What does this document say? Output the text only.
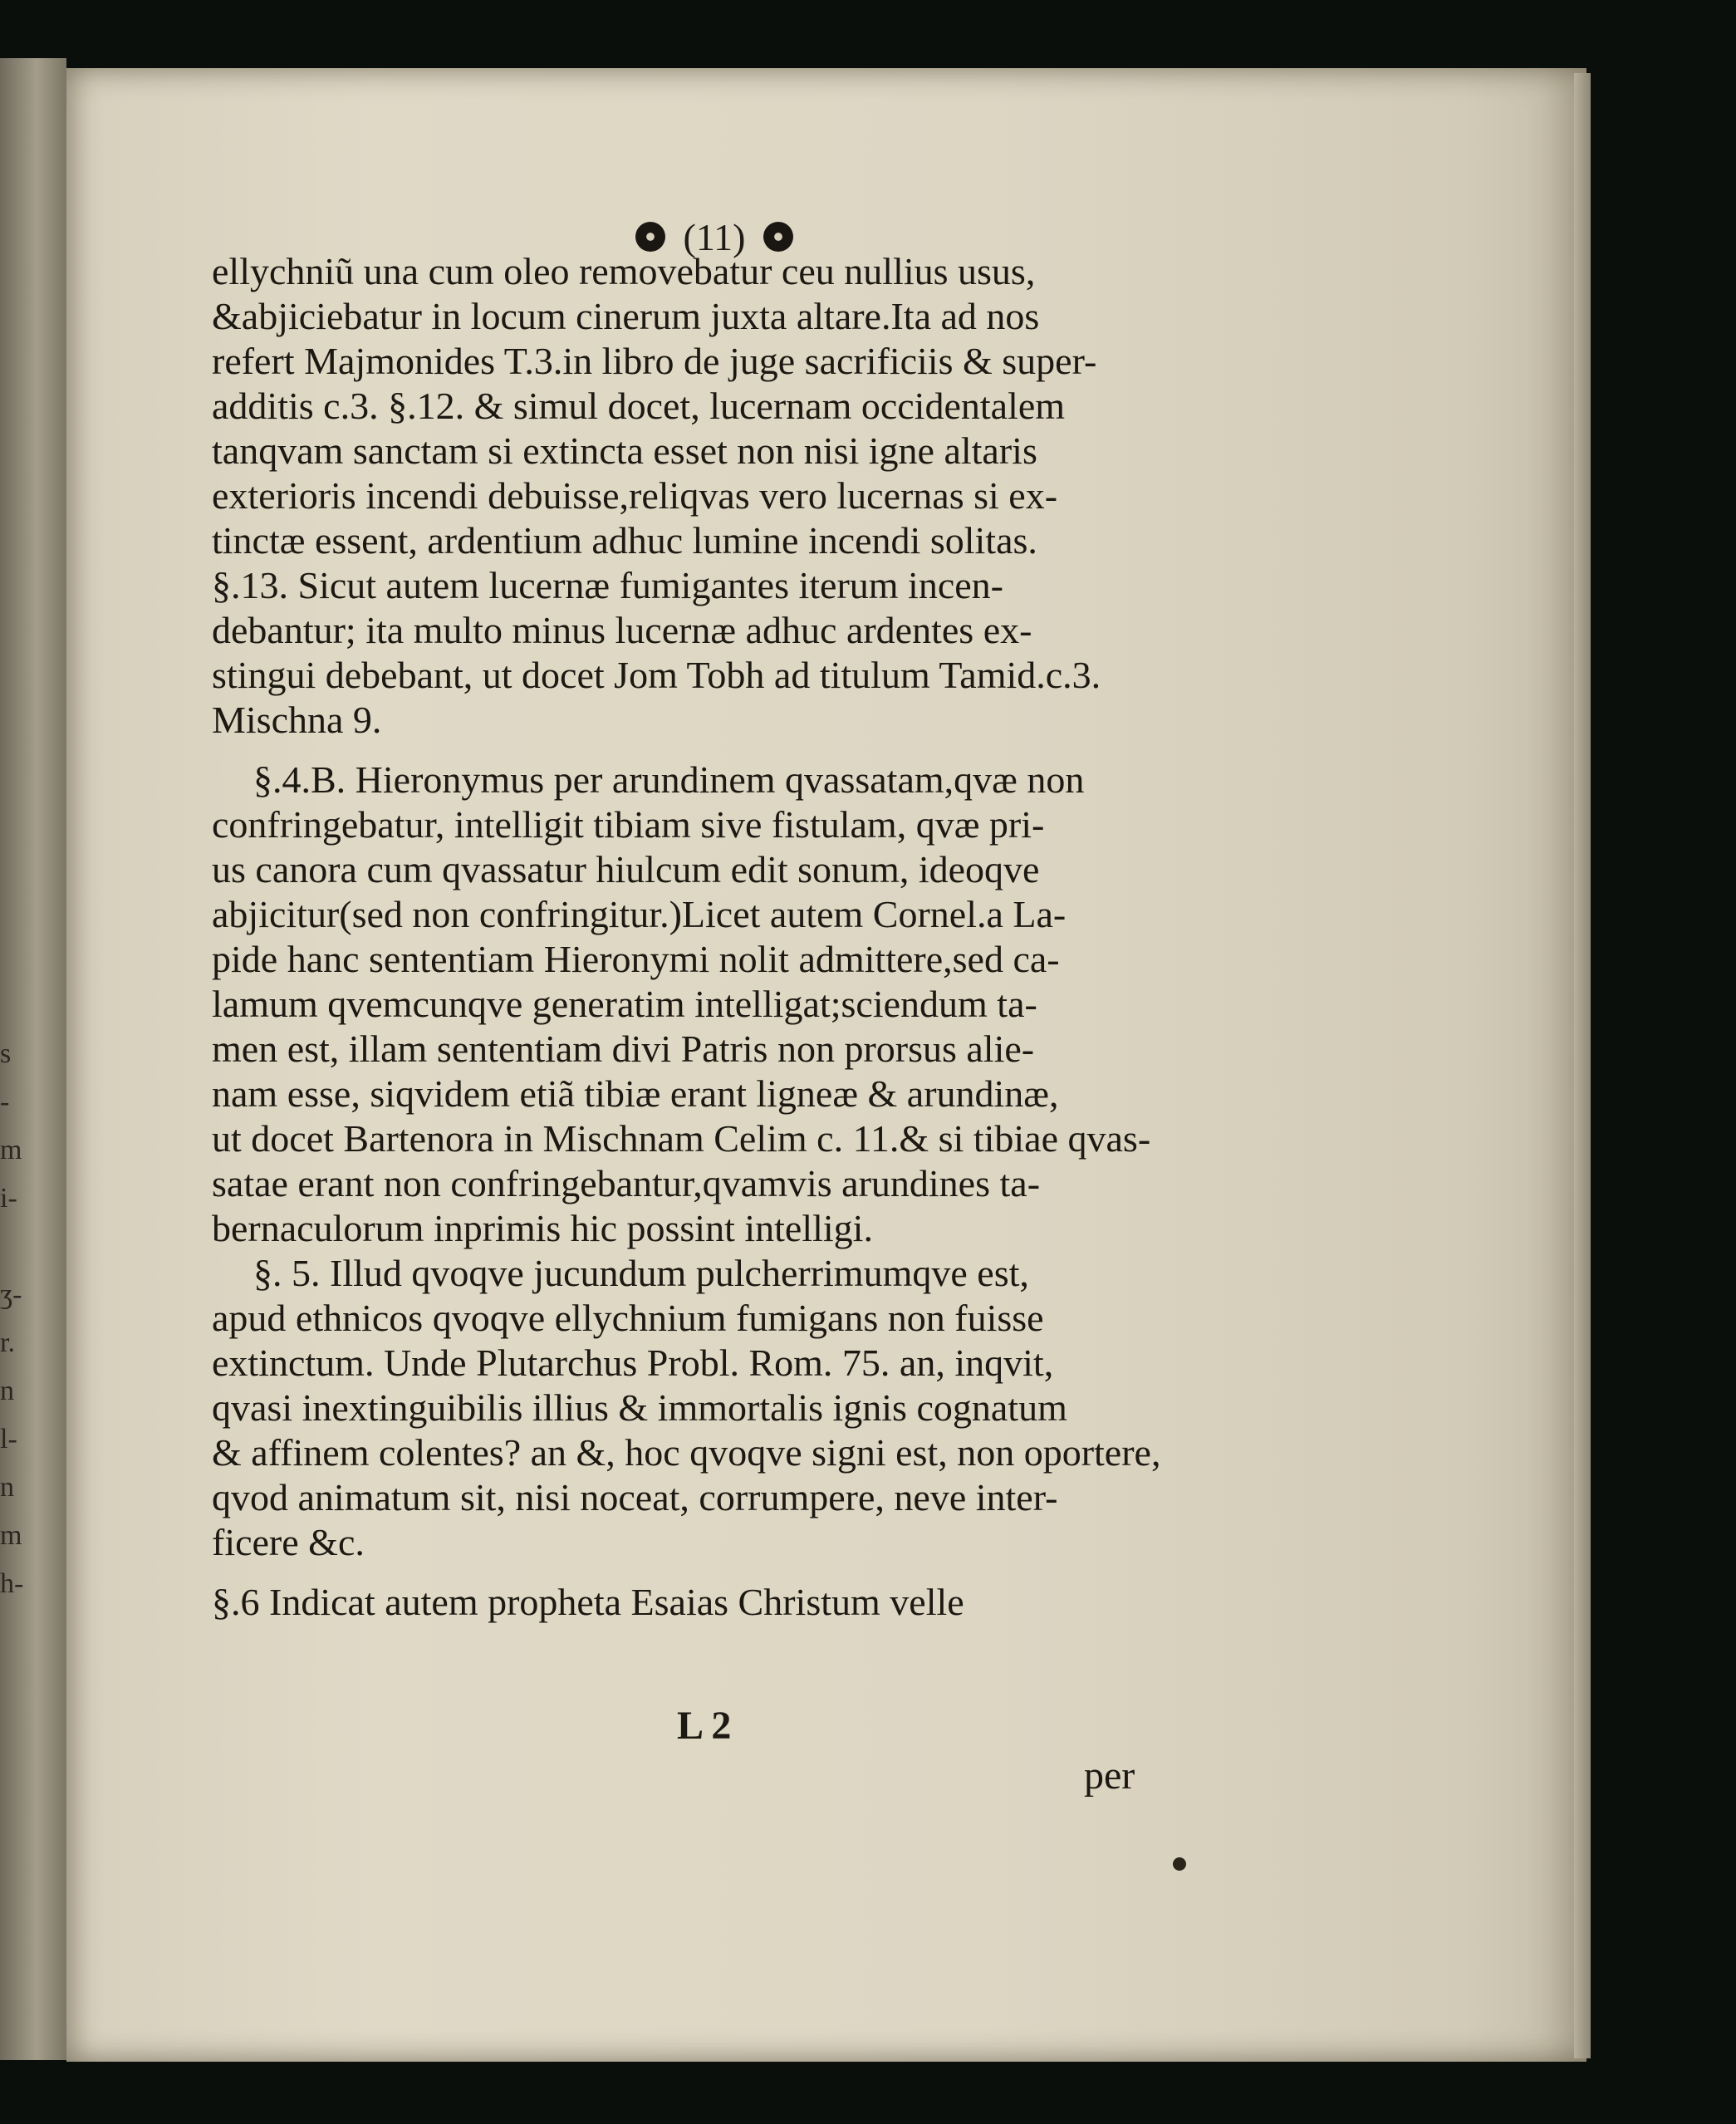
s
-
m
i-
ʒ-
r.
n
l-
n
m
h-
(11)
ellychniũ una cum oleo removebatur ceu nullius usus,
&abjiciebatur in locum cinerum juxta altare.Ita ad nos
refert Majmonides T.3.in libro de juge sacrificiis & super-
additis c.3. §.12. & simul docet, lucernam occidentalem
tanqvam sanctam si extincta esset non nisi igne altaris
exterioris incendi debuisse,reliqvas vero lucernas si ex-
tinctæ essent, ardentium adhuc lumine incendi solitas.
§.13. Sicut autem lucernæ fumigantes iterum incen-
debantur; ita multo minus lucernæ adhuc ardentes ex-
stingui debebant, ut docet Jom Tobh ad titulum Tamid.c.3.
Mischna 9.
§.4.B. Hieronymus per arundinem qvassatam,qvæ non
confringebatur, intelligit tibiam sive fistulam, qvæ pri-
us canora cum qvassatur hiulcum edit sonum, ideoqve
abjicitur(sed non confringitur.)Licet autem Cornel.a La-
pide hanc sententiam Hieronymi nolit admittere,sed ca-
lamum qvemcunqve generatim intelligat;sciendum ta-
men est, illam sententiam divi Patris non prorsus alie-
nam esse, siqvidem etiã tibiæ erant ligneæ & arundinæ,
ut docet Bartenora in Mischnam Celim c. 11.& si tibiae qvas-
satae erant non confringebantur,qvamvis arundines ta-
bernaculorum inprimis hic possint intelligi.
§. 5. Illud qvoqve jucundum pulcherrimumqve est,
apud ethnicos qvoqve ellychnium fumigans non fuisse
extinctum. Unde Plutarchus Probl. Rom. 75. an, inqvit,
qvasi inextinguibilis illius & immortalis ignis cognatum
& affinem colentes? an &, hoc qvoqve signi est, non oportere,
qvod animatum sit, nisi noceat, corrumpere, neve inter-
ficere &c.
§.6 Indicat autem propheta Esaias Christum velle
L 2
per
